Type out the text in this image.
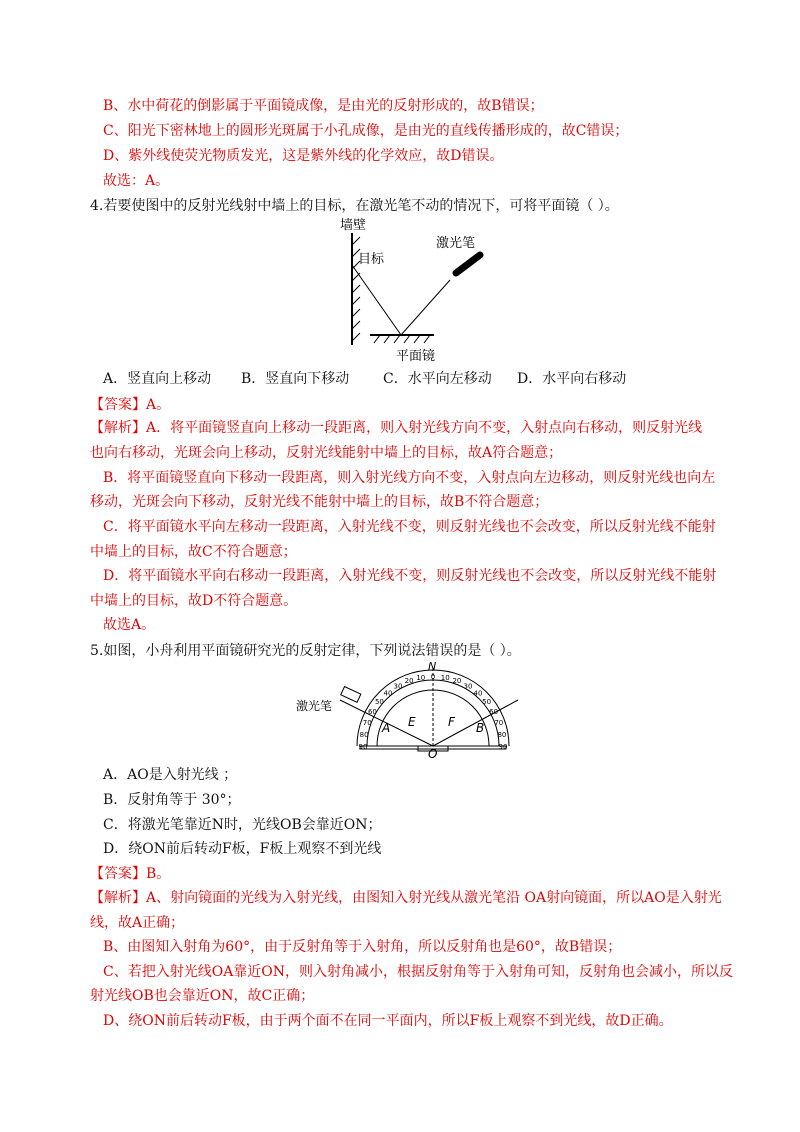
B、水中荷花的倒影属于平面镜成像，是由光的反射形成的，故B错误；
C、阳光下密林地上的圆形光斑属于小孔成像，是由光的直线传播形成的，故C错误；
D、紫外线使荧光物质发光，这是紫外线的化学效应，故D错误。
故选：A。
4.若要使图中的反射光线射中墙上的目标，在激光笔不动的情况下，可将平面镜（ ）。
墙壁
目标
激光笔
平面镜
A．竖直向上移动 B．竖直向下移动 C．水平向左移动 D．水平向右移动
【答案】A。
【解析】A．将平面镜竖直向上移动一段距离，则入射光线方向不变，入射点向右移动，则反射光线
也向右移动，光斑会向上移动，反射光线能射中墙上的目标，故A符合题意；
B．将平面镜竖直向下移动一段距离，则入射光线方向不变，入射点向左边移动，则反射光线也向左
移动，光斑会向下移动，反射光线不能射中墙上的目标，故B不符合题意；
C．将平面镜水平向左移动一段距离，入射光线不变，则反射光线也不会改变，所以反射光线不能射
中墙上的目标，故C不符合题意；
D．将平面镜水平向右移动一段距离，入射光线不变，则反射光线也不会改变，所以反射光线不能射
中墙上的目标，故D不符合题意。
故选A。
5.如图，小舟利用平面镜研究光的反射定律，下列说法错误的是（ ）。
90
80
70
60
50
40
30
20 10 0 10 20
30
40
50
60
70
80
90
激光笔
N
E	F
A	B
O
A．AO是入射光线 ；
B．反射角等于 30°；
C．将激光笔靠近N时，光线OB会靠近ON；
D．绕ON前后转动F板，F板上观察不到光线
【答案】B。
【解析】A、射向镜面的光线为入射光线，由图知入射光线从激光笔沿 OA射向镜面，所以AO是入射光
线，故A正确；
B、由图知入射角为60°，由于反射角等于入射角，所以反射角也是60°，故B错误；
C、若把入射光线OA靠近ON，则入射角减小，根据反射角等于入射角可知，反射角也会减小，所以反
射光线OB也会靠近ON，故C正确；
D、绕ON前后转动F板，由于两个面不在同一平面内，所以F板上观察不到光线，故D正确。
